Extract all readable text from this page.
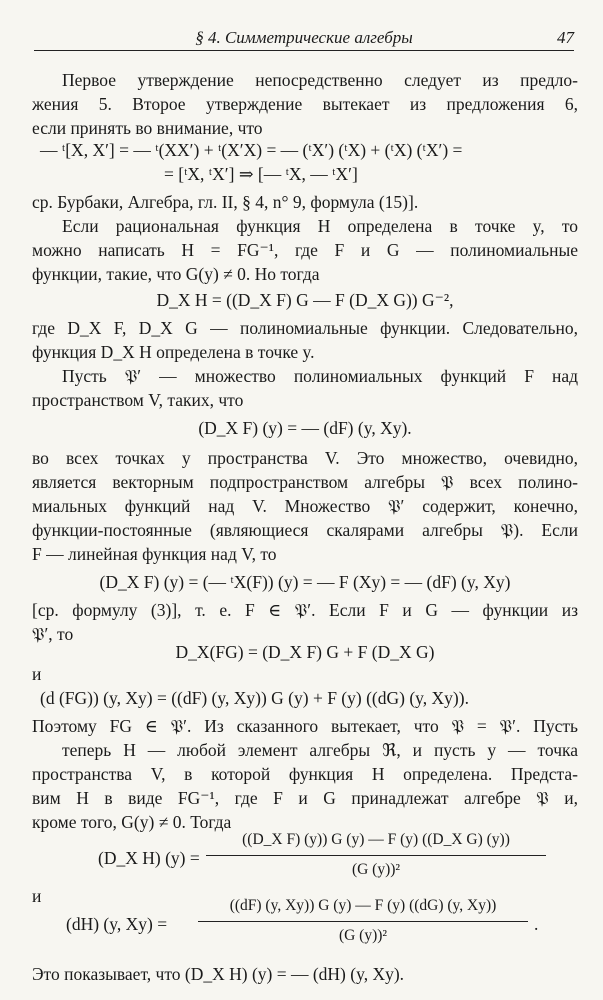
§ 4. Симметрические алгебры	47
Первое утверждение непосредственно следует из предло-
жения 5. Второе утверждение вытекает из предложения 6,
если принять во внимание, что
— ᵗ[X, X′] = — ᵗ(XX′) + ᵗ(X′X) = — (ᵗX′) (ᵗX) + (ᵗX) (ᵗX′) =
= [ᵗX, ᵗX′] ⇒ [— ᵗX, — ᵗX′]
ср. Бурбаки, Алгебра, гл. II, § 4, n° 9, формула (15)].
Если рациональная функция H определена в точке y, то
можно написать H = FG⁻¹, где F и G — полиномиальные
функции, такие, что G(y) ≠ 0. Но тогда
D_X H = ((D_X F) G — F (D_X G)) G⁻²,
где D_X F, D_X G — полиномиальные функции. Следовательно,
функция D_X H определена в точке y.
Пусть 𝔓′ — множество полиномиальных функций F над
пространством V, таких, что
(D_X F) (y) = — (dF) (y, Xy).
во всех точках y пространства V. Это множество, очевидно,
является векторным подпространством алгебры 𝔓 всех полино-
миальных функций над V. Множество 𝔓′ содержит, конечно,
функции-постоянные (являющиеся скалярами алгебры 𝔓). Если
F — линейная функция над V, то
(D_X F) (y) = (— ᵗX(F)) (y) = — F (Xy) = — (dF) (y, Xy)
[ср. формулу (3)], т. е. F ∈ 𝔓′. Если F и G — функции из
𝔓′, то
D_X(FG) = (D_X F) G + F (D_X G)
и
(d (FG)) (y, Xy) = ((dF) (y, Xy)) G (y) + F (y) ((dG) (y, Xy)).
Поэтому FG ∈ 𝔓′. Из сказанного вытекает, что 𝔓 = 𝔓′. Пусть
теперь H — любой элемент алгебры ℜ, и пусть y — точка
пространства V, в которой функция H определена. Предста-
вим H в виде FG⁻¹, где F и G принадлежат алгебре 𝔓 и,
кроме того, G(y) ≠ 0. Тогда
(D_X H) (y) =
((D_X F) (y)) G (y) — F (y) ((D_X G) (y))
(G (y))²
и
(dH) (y, Xy) =
((dF) (y, Xy)) G (y) — F (y) ((dG) (y, Xy))
(G (y))²
.
Это показывает, что (D_X H) (y) = — (dH) (y, Xy).
